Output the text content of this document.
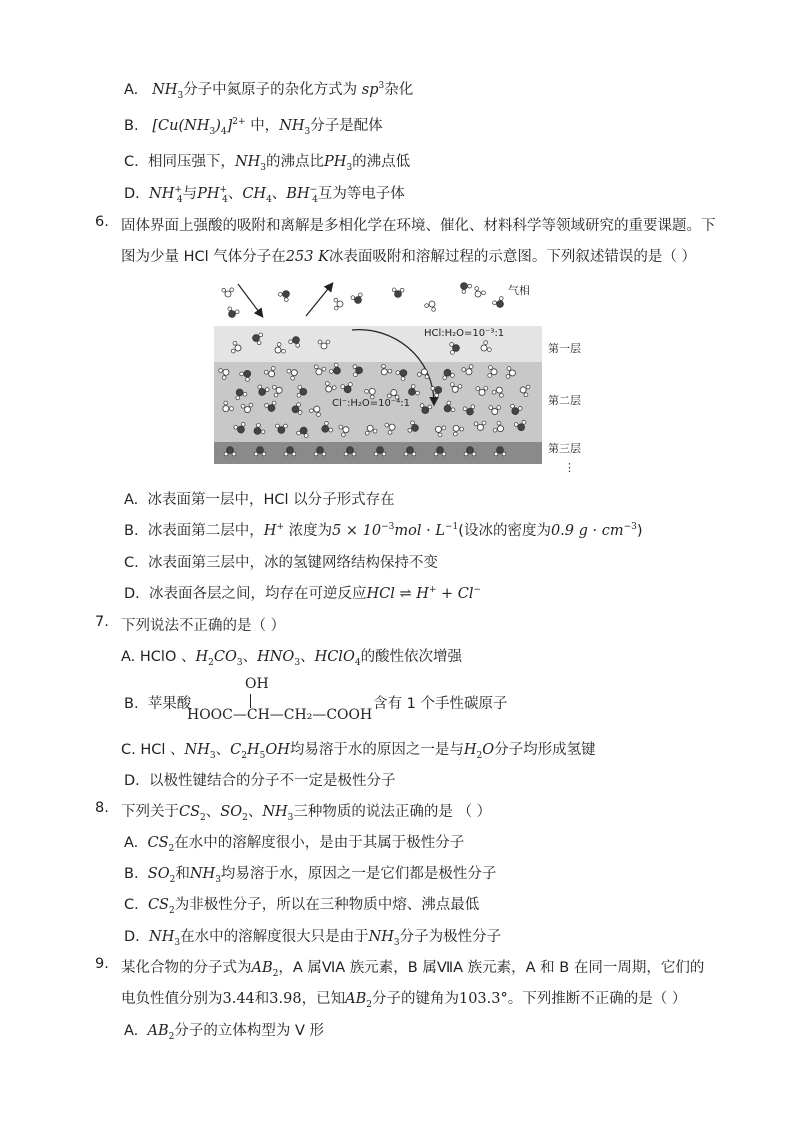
A. $NH_3$分子中氮原子的杂化方式为 $sp^3$杂化
B. $[Cu(NH_3)_4]^{2+}$ 中，$NH_3$分子是配体
C. 相同压强下，$NH_3$的沸点比$PH_3$的沸点低
D. $NH^+_4$与$PH^+_4$、$CH_4$、$BH^-_4$互为等电子体
6. 固体界面上强酸的吸附和离解是多相化学在环境、催化、材料科学等领域研究的重要课题。下
图为少量 HCl 气体分子在253 K冰表面吸附和溶解过程的示意图。下列叙述错误的是（ ）
气相
HCl:H₂O=10⁻³:1
Cl⁻:H₂O=10⁻⁴:1
第一层
第二层
第三层
⋮
A. 冰表面第一层中，HCl 以分子形式存在
B. 冰表面第二层中，H+ 浓度为$5 \times 10^{-3}mol \cdot L^{-1}$(设冰的密度为0.9 $g \cdot cm^{-3}$)
C. 冰表面第三层中，冰的氢键网络结构保持不变
D. 冰表面各层之间，均存在可逆反应HCl ⇌ H+ + Cl−
7. 下列说法不正确的是（ ）
A. HClO 、$H_2CO_3$、$HNO_3$、HClO$_4$的酸性依次增强
B. 苹果酸
OH
HOOC—CH—CH₂—COOH
含有 1 个手性碳原子
C. HCl 、$NH_3$、$C_2H_5OH$均易溶于水的原因之一是与$H_2O$分子均形成氢键
D. 以极性键结合的分子不一定是极性分子
8. 下列关于$CS_2$、$SO_2$、$NH_3$三种物质的说法正确的是 （ ）
A. $CS_2$在水中的溶解度很小，是由于其属于极性分子
B. $SO_2$和$NH_3$均易溶于水，原因之一是它们都是极性分子
C. $CS_2$为非极性分子，所以在三种物质中熔、沸点最低
D. $NH_3$在水中的溶解度很大只是由于$NH_3$分子为极性分子
9. 某化合物的分子式为$AB_2$，A 属ⅥA 族元素，B 属ⅦA 族元素，A 和 B 在同一周期，它们的
电负性值分别为3.44和3.98，已知$AB_2$分子的键角为103.3°。下列推断不正确的是（ ）
A. $AB_2$分子的立体构型为 V 形
